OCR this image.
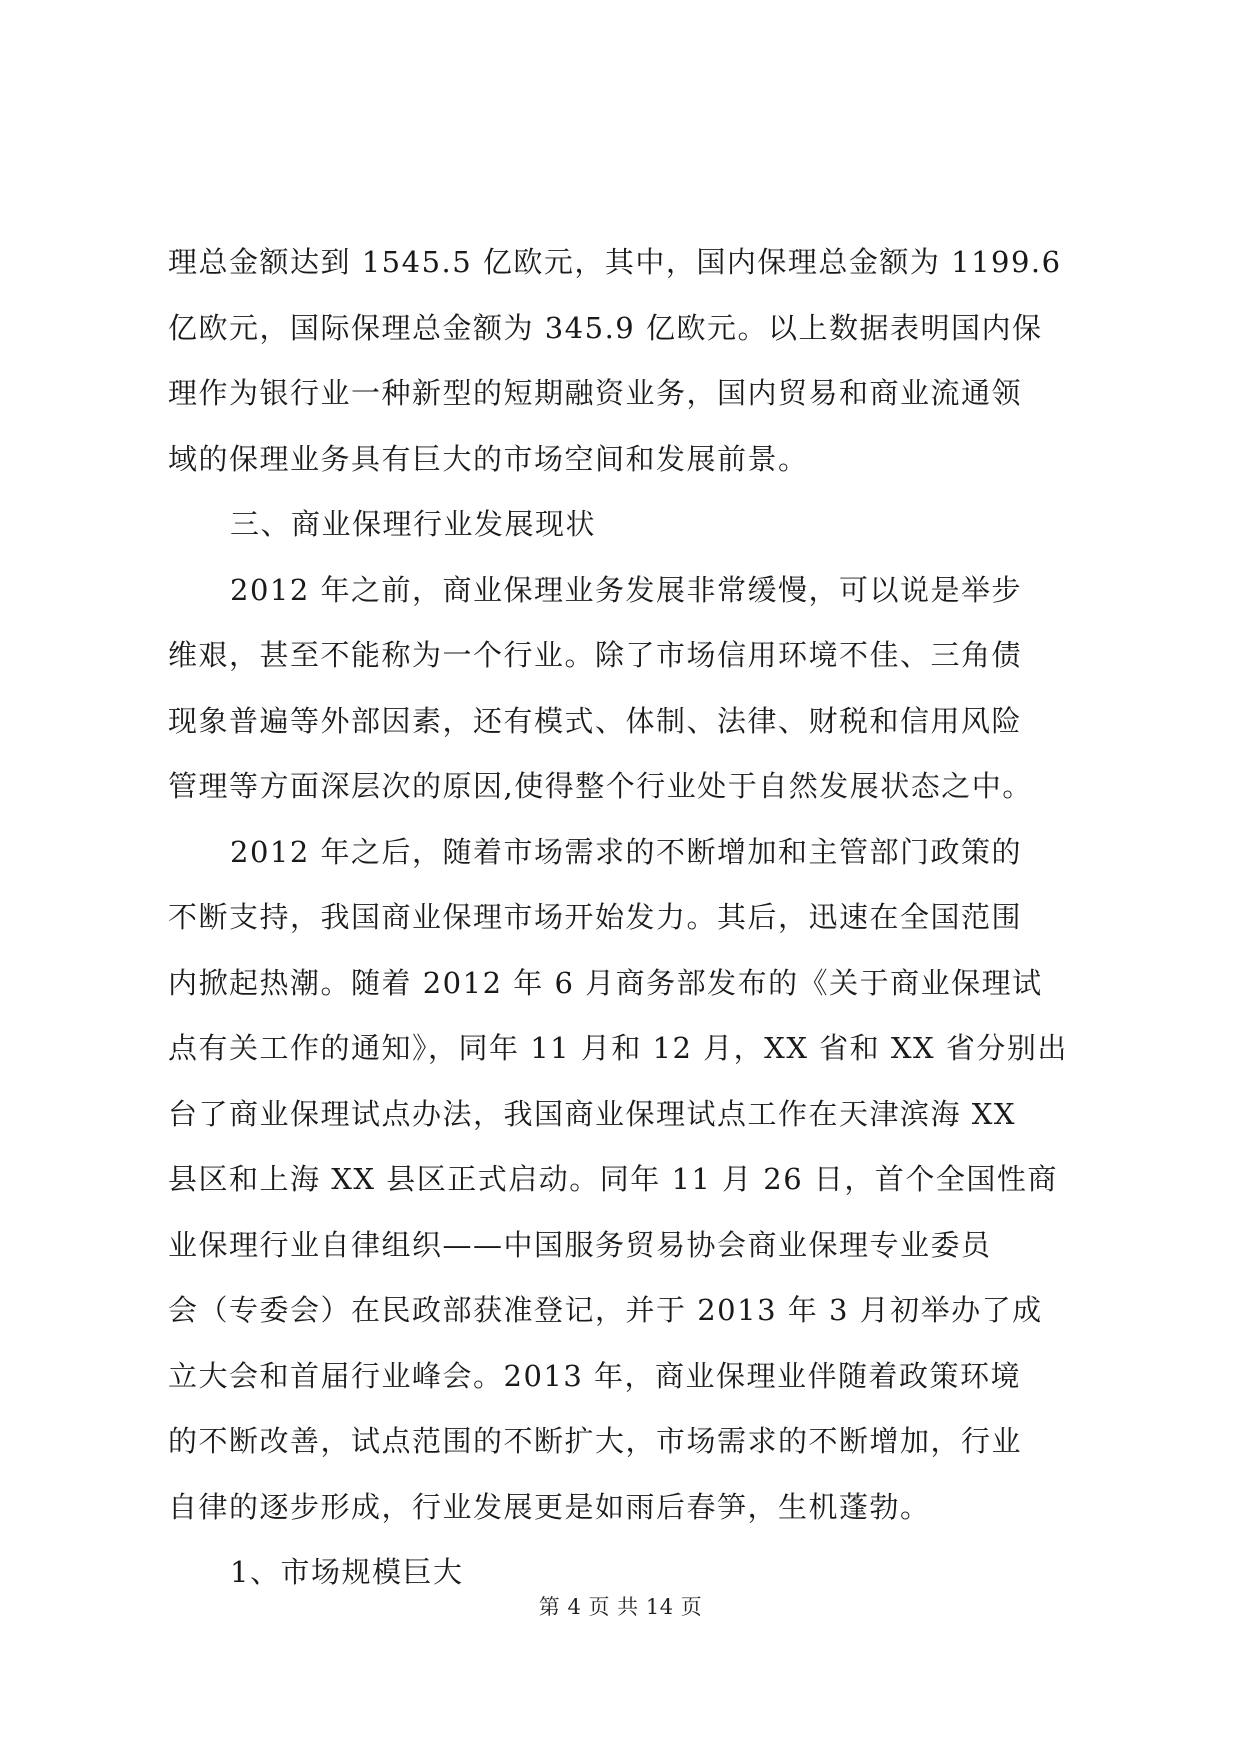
理总金额达到 1545.5 亿欧元，其中，国内保理总金额为 1199.6
亿欧元，国际保理总金额为 345.9 亿欧元。以上数据表明国内保
理作为银行业一种新型的短期融资业务，国内贸易和商业流通领
域的保理业务具有巨大的市场空间和发展前景。
三、商业保理行业发展现状
2012 年之前，商业保理业务发展非常缓慢，可以说是举步
维艰，甚至不能称为一个行业。除了市场信用环境不佳、三角债
现象普遍等外部因素，还有模式、体制、法律、财税和信用风险
管理等方面深层次的原因,使得整个行业处于自然发展状态之中。
2012 年之后，随着市场需求的不断增加和主管部门政策的
不断支持，我国商业保理市场开始发力。其后，迅速在全国范围
内掀起热潮。随着 2012 年 6 月商务部发布的《关于商业保理试
点有关工作的通知》，同年 11 月和 12 月，XX 省和 XX 省分别出
台了商业保理试点办法，我国商业保理试点工作在天津滨海 XX
县区和上海 XX 县区正式启动。同年 11 月 26 日，首个全国性商
业保理行业自律组织——中国服务贸易协会商业保理专业委员
会（专委会）在民政部获准登记，并于 2013 年 3 月初举办了成
立大会和首届行业峰会。2013 年，商业保理业伴随着政策环境
的不断改善，试点范围的不断扩大，市场需求的不断增加，行业
自律的逐步形成，行业发展更是如雨后春笋，生机蓬勃。
1、市场规模巨大
第 4 页 共 14 页
